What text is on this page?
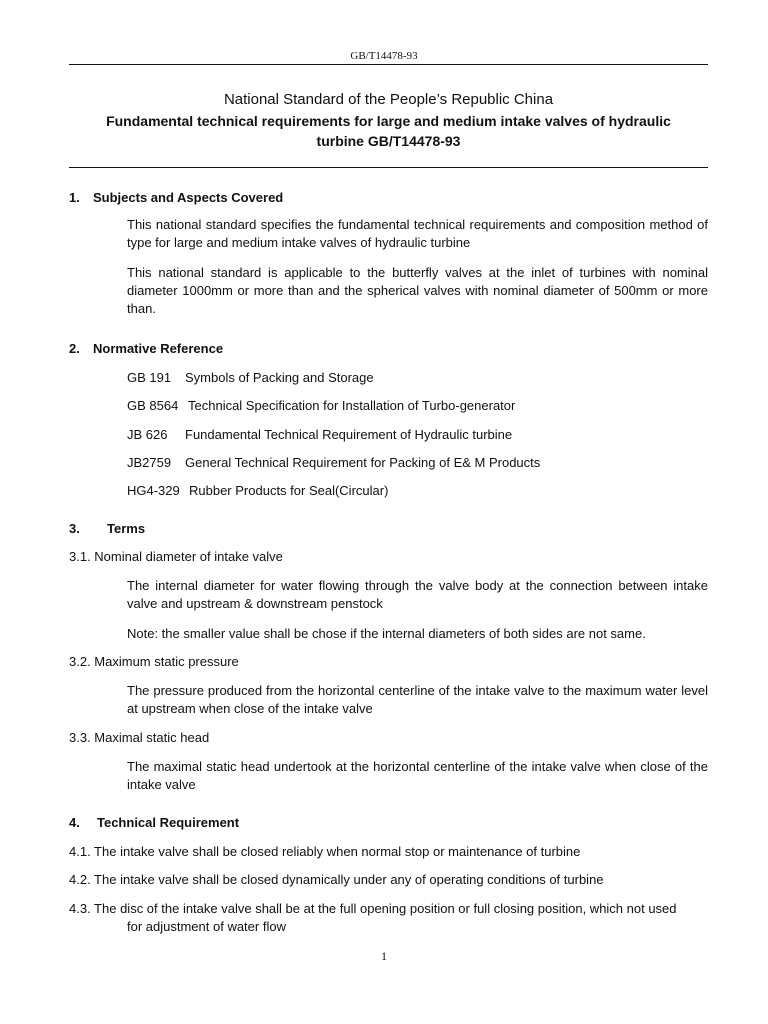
GB/T14478-93
National Standard of the People’s Republic China
Fundamental technical requirements for large and medium intake valves of hydraulic
turbine GB/T14478-93
1. Subjects and Aspects Covered
This national standard specifies the fundamental technical requirements and composition method of type for large and medium intake valves of hydraulic turbine
This national standard is applicable to the butterfly valves at the inlet of turbines with nominal diameter 1000mm or more than and the spherical valves with nominal diameter of 500mm or more than.
2. Normative Reference
GB 191 Symbols of Packing and Storage
GB 8564 Technical Specification for Installation of Turbo-generator
JB 626 Fundamental Technical Requirement of Hydraulic turbine
JB2759 General Technical Requirement for Packing of E& M Products
HG4-329 Rubber Products for Seal(Circular)
3. Terms
3.1. Nominal diameter of intake valve
The internal diameter for water flowing through the valve body at the connection between intake valve and upstream & downstream penstock
Note: the smaller value shall be chose if the internal diameters of both sides are not same.
3.2. Maximum static pressure
The pressure produced from the horizontal centerline of the intake valve to the maximum water level at upstream when close of the intake valve
3.3. Maximal static head
The maximal static head undertook at the horizontal centerline of the intake valve when close of the intake valve
4. Technical Requirement
4.1. The intake valve shall be closed reliably when normal stop or maintenance of turbine
4.2. The intake valve shall be closed dynamically under any of operating conditions of turbine
4.3. The disc of the intake valve shall be at the full opening position or full closing position, which not used
for adjustment of water flow
1
